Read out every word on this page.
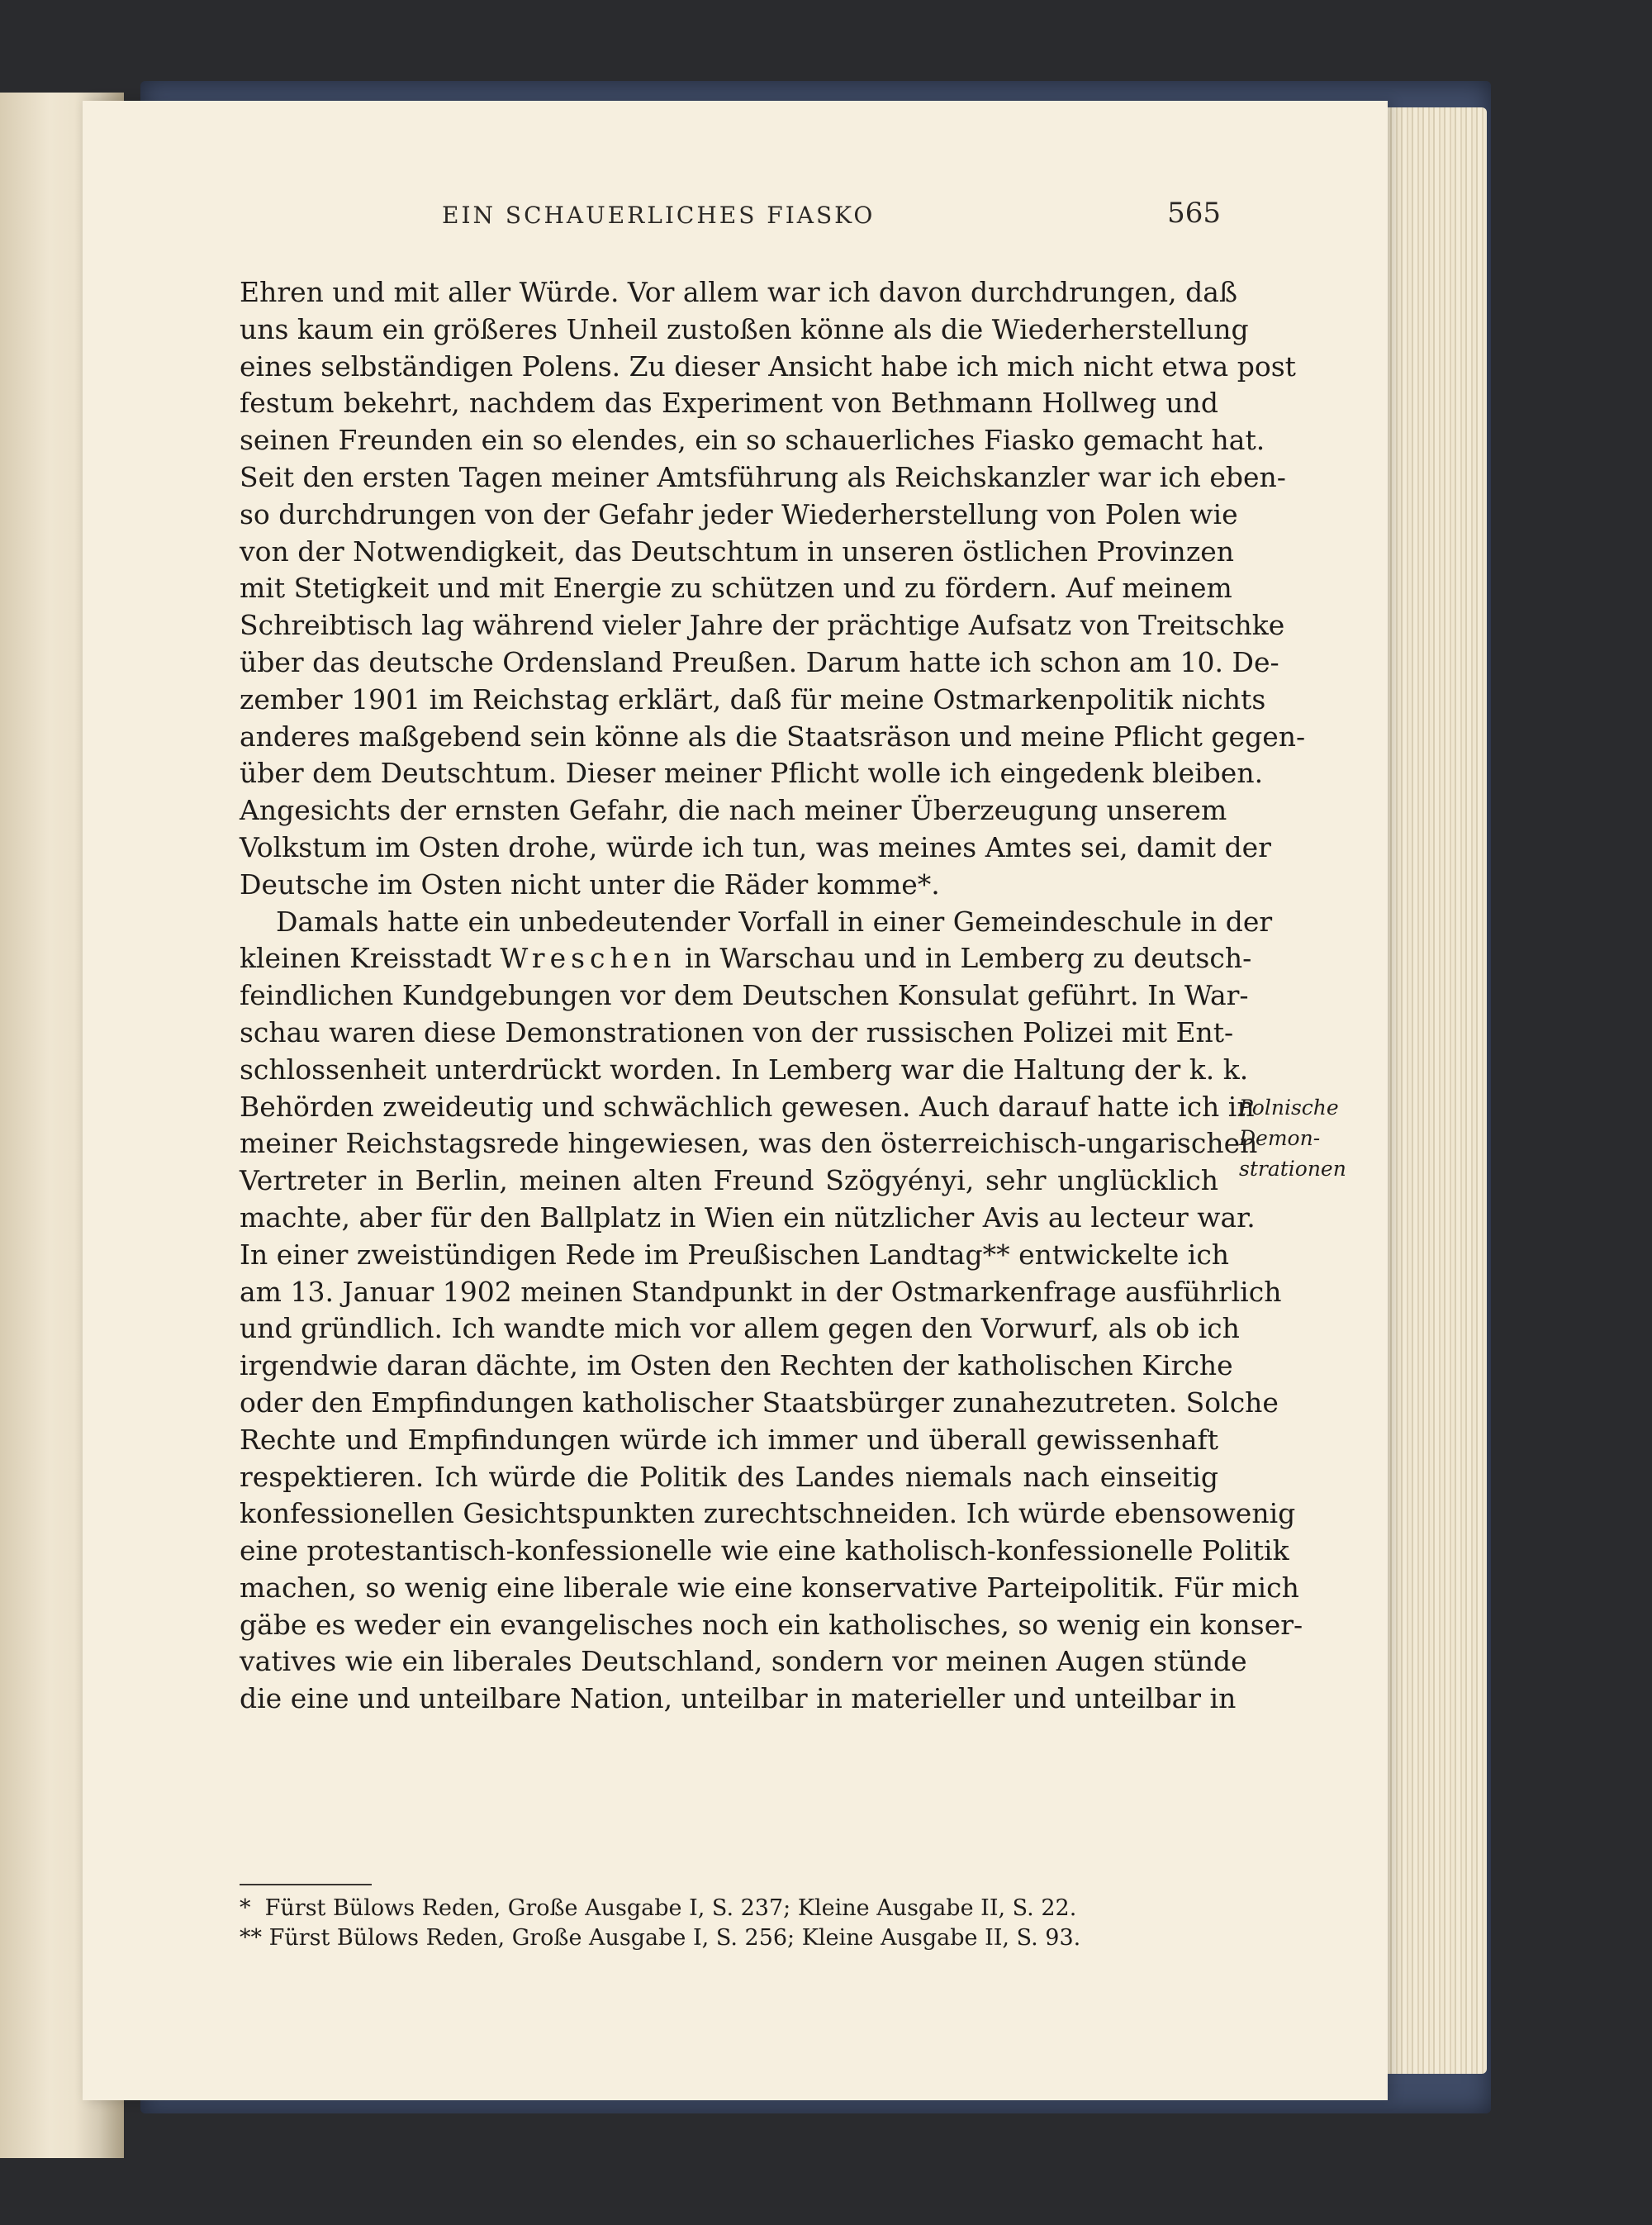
EIN SCHAUERLICHES FIASKO	565
Ehren und mit aller Würde. Vor allem war ich davon durchdrungen, daß
uns kaum ein größeres Unheil zustoßen könne als die Wiederherstellung
eines selbständigen Polens. Zu dieser Ansicht habe ich mich nicht etwa post
festum bekehrt, nachdem das Experiment von Bethmann Hollweg und
seinen Freunden ein so elendes, ein so schauerliches Fiasko gemacht hat.
Seit den ersten Tagen meiner Amtsführung als Reichskanzler war ich eben-
so durchdrungen von der Gefahr jeder Wiederherstellung von Polen wie
von der Notwendigkeit, das Deutschtum in unseren östlichen Provinzen
mit Stetigkeit und mit Energie zu schützen und zu fördern. Auf meinem
Schreibtisch lag während vieler Jahre der prächtige Aufsatz von Treitschke
über das deutsche Ordensland Preußen. Darum hatte ich schon am 10. De-
zember 1901 im Reichstag erklärt, daß für meine Ostmarkenpolitik nichts
anderes maßgebend sein könne als die Staatsräson und meine Pflicht gegen-
über dem Deutschtum. Dieser meiner Pflicht wolle ich eingedenk bleiben.
Angesichts der ernsten Gefahr, die nach meiner Überzeugung unserem
Volkstum im Osten drohe, würde ich tun, was meines Amtes sei, damit der
Deutsche im Osten nicht unter die Räder komme*.
Damals hatte ein unbedeutender Vorfall in einer Gemeindeschule in der
kleinen Kreisstadt Wreschen in Warschau und in Lemberg zu deutsch-
feindlichen Kundgebungen vor dem Deutschen Konsulat geführt. In War-
schau waren diese Demonstrationen von der russischen Polizei mit Ent-
schlossenheit unterdrückt worden. In Lemberg war die Haltung der k. k.
Behörden zweideutig und schwächlich gewesen. Auch darauf hatte ich in
meiner Reichstagsrede hingewiesen, was den österreichisch-ungarischen
Vertreter in Berlin, meinen alten Freund Szögyényi, sehr unglücklich
machte, aber für den Ballplatz in Wien ein nützlicher Avis au lecteur war.
In einer zweistündigen Rede im Preußischen Landtag** entwickelte ich
am 13. Januar 1902 meinen Standpunkt in der Ostmarkenfrage ausführlich
und gründlich. Ich wandte mich vor allem gegen den Vorwurf, als ob ich
irgendwie daran dächte, im Osten den Rechten der katholischen Kirche
oder den Empfindungen katholischer Staatsbürger zunahezutreten. Solche
Rechte und Empfindungen würde ich immer und überall gewissenhaft
respektieren. Ich würde die Politik des Landes niemals nach einseitig
konfessionellen Gesichtspunkten zurechtschneiden. Ich würde ebensowenig
eine protestantisch-konfessionelle wie eine katholisch-konfessionelle Politik
machen, so wenig eine liberale wie eine konservative Parteipolitik. Für mich
gäbe es weder ein evangelisches noch ein katholisches, so wenig ein konser-
vatives wie ein liberales Deutschland, sondern vor meinen Augen stünde
die eine und unteilbare Nation, unteilbar in materieller und unteilbar in
Polnische
Demon-
strationen
*  Fürst Bülows Reden, Große Ausgabe I, S. 237; Kleine Ausgabe II, S. 22.
** Fürst Bülows Reden, Große Ausgabe I, S. 256; Kleine Ausgabe II, S. 93.
